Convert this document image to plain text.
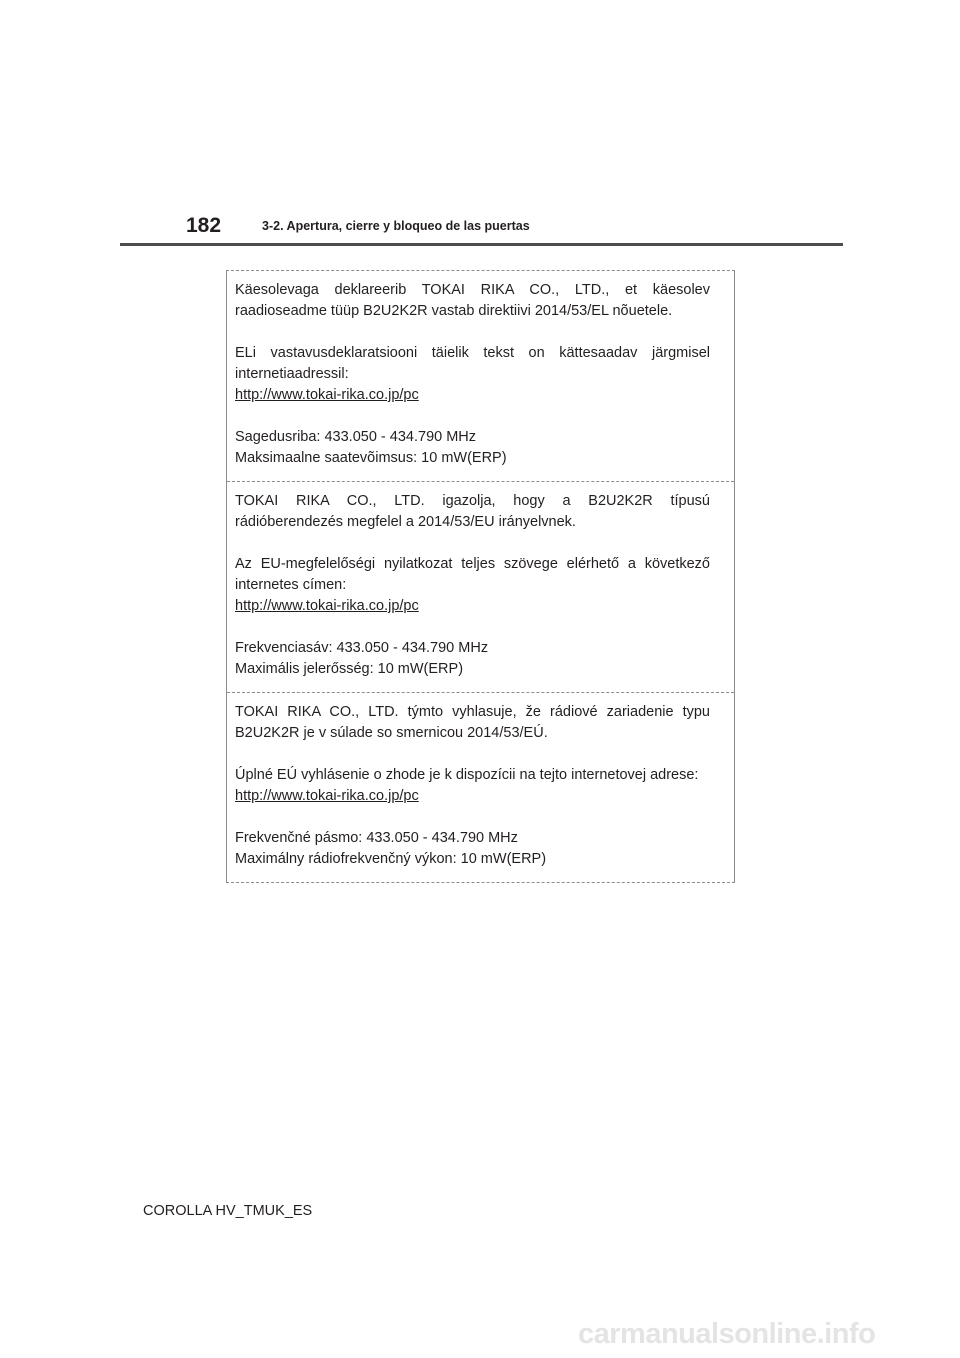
182	3-2. Apertura, cierre y bloqueo de las puertas

Käesolevaga deklareerib TOKAI RIKA CO., LTD., et käesolev raadioseadme tüüp B2U2K2R vastab direktiivi 2014/53/EL nõuetele.

ELi vastavusdeklaratsiooni täielik tekst on kättesaadav järgmisel internetiaadressil:

http://www.tokai-rika.co.jp/pc

Sagedusriba: 433.050 - 434.790 MHz

Maksimaalne saatevõimsus: 10 mW(ERP)

TOKAI RIKA CO., LTD. igazolja, hogy a B2U2K2R típusú rádióberendezés megfelel a 2014/53/EU irányelvnek.

Az EU-megfelelőségi nyilatkozat teljes szövege elérhető a következő internetes címen:

http://www.tokai-rika.co.jp/pc

Frekvenciasáv: 433.050 - 434.790 MHz

Maximális jelerősség: 10 mW(ERP)

TOKAI RIKA CO., LTD. týmto vyhlasuje, že rádiové zariadenie typu B2U2K2R je v súlade so smernicou 2014/53/EÚ.

Úplné EÚ vyhlásenie o zhode je k dispozícii na tejto internetovej adrese:

http://www.tokai-rika.co.jp/pc

Frekvenčné pásmo: 433.050 - 434.790 MHz

Maximálny rádiofrekvenčný výkon: 10 mW(ERP)

COROLLA HV_TMUK_ES
carmanualsonline.info
